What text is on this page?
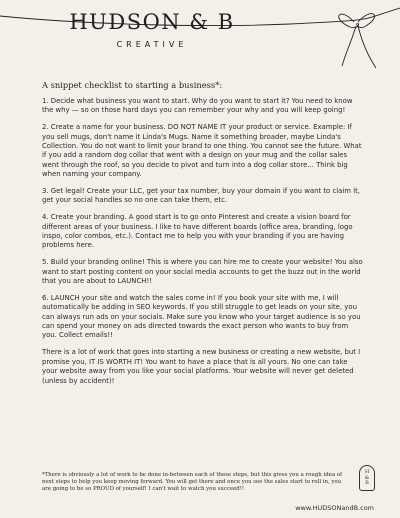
HUDSON & B
CREATIVE
A snippet checklist to starting a business*:

1. Decide what business you want to start. Why do you want to start it? You need to know the why — so on those hard days you can remember your why and you will keep going!

2. Create a name for your business. DO NOT NAME IT your product or service. Example: If you sell mugs, don't name it Linda's Mugs. Name it something broader, maybe Linda's Collection. You do not want to limit your brand to one thing. You cannot see the future. What if you add a random dog collar that went with a design on your mug and the collar sales went through the roof, so you decide to pivot and turn into a dog collar store... Think big when naming your company.

3. Get legal! Create your LLC, get your tax number, buy your domain if you want to claim it, get your social handles so no one can take them, etc.

4. Create your branding. A good start is to go onto Pinterest and create a vision board for different areas of your business. I like to have different boards (office area, branding, logo inspo, color combos, etc.). Contact me to help you with your branding if you are having problems here.

5. Build your branding online! This is where you can hire me to create your website! You also want to start posting content on your social media accounts to get the buzz out in the world that you are about to LAUNCH!!

6. LAUNCH your site and watch the sales come in! If you book your site with me, I will automatically be adding in SEO keywords. If you still struggle to get leads on your site, you can always run ads on your socials. Make sure you know who your target audience is so you can spend your money on ads directed towards the exact person who wants to buy from you. Collect emails!!

There is a lot of work that goes into starting a new business or creating a new website, but I promise you, IT IS WORTH IT! You want to have a place that is all yours. No one can take your website away from you like your social platforms. Your website will never get deleted (unless by accident)!

*There is obviously a lot of work to be done in-between each of these steps, but this gives you a rough idea of next steps to help you keep moving forward. You will get there and once you see the sales start to roll in, you are going to be so PROUD of yourself! I can't wait to watch you succeed!!
H
&
B
www.HUDSONandB.com
